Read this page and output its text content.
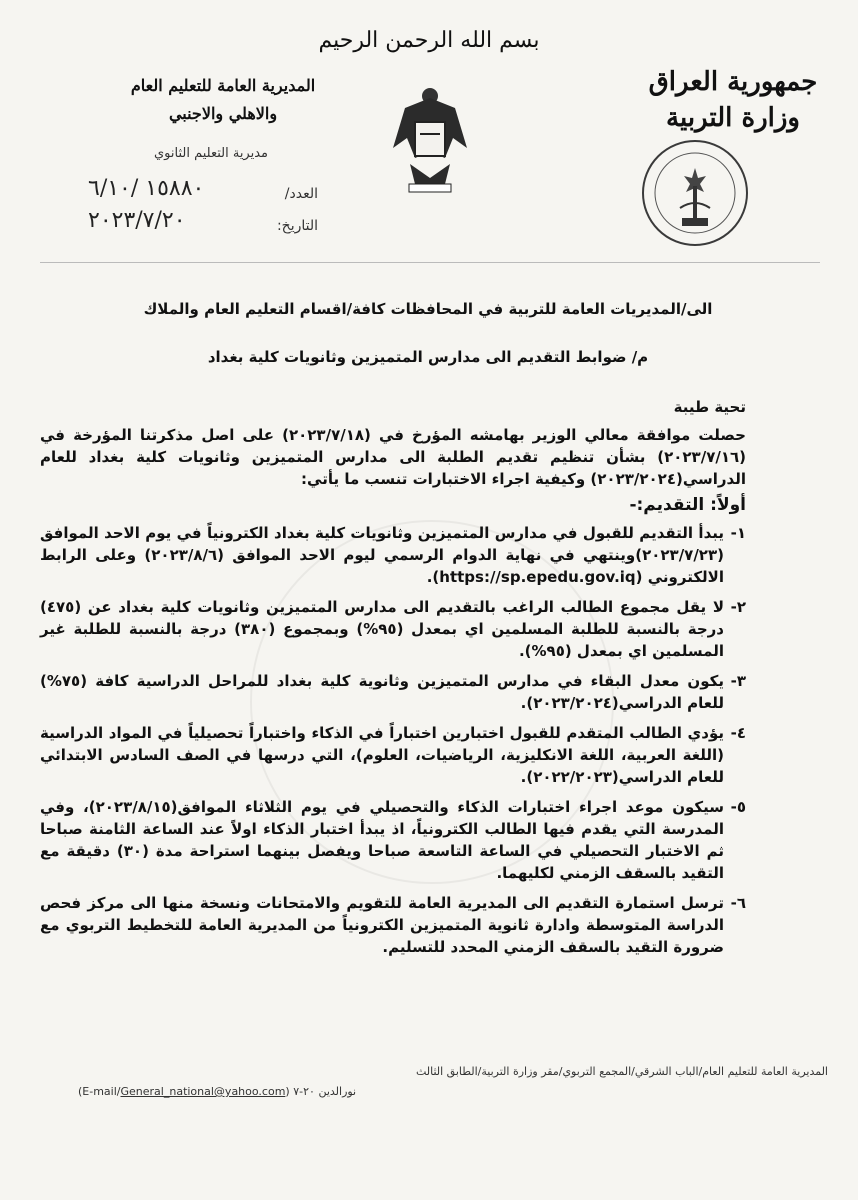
بسم الله الرحمن الرحيم
جمهورية العراق
وزارة التربية
المديرية العامة للتعليم العام
والاهلي والاجنبي
مديرية التعليم الثانوي
العدد/
١٥٨٨٠ /٦/١٠
التاريخ:
٢٠٢٣/٧/٢٠
الى/المديريات العامة للتربية في المحافظات كافة/اقسام التعليم العام والملاك
م/ ضوابط التقديم الى مدارس المتميزين وثانويات كلية بغداد

تحية طيبة

حصلت موافقة معالي الوزير بهامشه المؤرخ في (٢٠٢٣/٧/١٨) على اصل مذكرتنا المؤرخة في (٢٠٢٣/٧/١٦) بشأن تنظيم تقديم الطلبة الى مدارس المتميزين وثانويات كلية بغداد للعام الدراسي(٢٠٢٣/٢٠٢٤) وكيفية اجراء الاختبارات تنسب ما يأتي:

أولاً: التقديم:-
١-
يبدأ التقديم للقبول في مدارس المتميزين وثانويات كلية بغداد الكترونياً في يوم الاحد الموافق (٢٠٢٣/٧/٢٣)وينتهي في نهاية الدوام الرسمي ليوم الاحد الموافق (٢٠٢٣/٨/٦) وعلى الرابط الالكتروني (https://sp.epedu.gov.iq).
٢-
لا يقل مجموع الطالب الراغب بالتقديم الى مدارس المتميزين وثانويات كلية بغداد عن (٤٧٥) درجة بالنسبة للطلبة المسلمين اي بمعدل (٩٥%) وبمجموع (٣٨٠) درجة بالنسبة للطلبة غير المسلمين اي بمعدل (٩٥%).
٣-
يكون معدل البقاء في مدارس المتميزين وثانوية كلية بغداد للمراحل الدراسية كافة (٧٥%) للعام الدراسي(٢٠٢٣/٢٠٢٤).
٤-
يؤدي الطالب المتقدم للقبول اختبارين اختباراً في الذكاء واختباراً تحصيلياً في المواد الدراسية (اللغة العربية، اللغة الانكليزية، الرياضيات، العلوم)، التي درسها في الصف السادس الابتدائي للعام الدراسي(٢٠٢٢/٢٠٢٣).
٥-
سيكون موعد اجراء اختبارات الذكاء والتحصيلي في يوم الثلاثاء الموافق(٢٠٢٣/٨/١٥)، وفي المدرسة التي يقدم فيها الطالب الكترونياً، اذ يبدأ اختبار الذكاء اولاً عند الساعة الثامنة صباحا ثم الاختبار التحصيلي في الساعة التاسعة صباحا ويفصل بينهما استراحة مدة (٣٠) دقيقة مع التقيد بالسقف الزمني لكليهما.
٦-
ترسل استمارة التقديم الى المديرية العامة للتقويم والامتحانات ونسخة منها الى مركز فحص الدراسة المتوسطة وادارة ثانوية المتميزين الكترونياً من المديرية العامة للتخطيط التربوي مع ضرورة التقيد بالسقف الزمني المحدد للتسليم.
المديرية العامة للتعليم العام/الباب الشرقي/المجمع التربوي/مقر وزارة التربية/الطابق الثالث
(E-mail/General_national@yahoo.com) نورالدين ٢٠-٧
